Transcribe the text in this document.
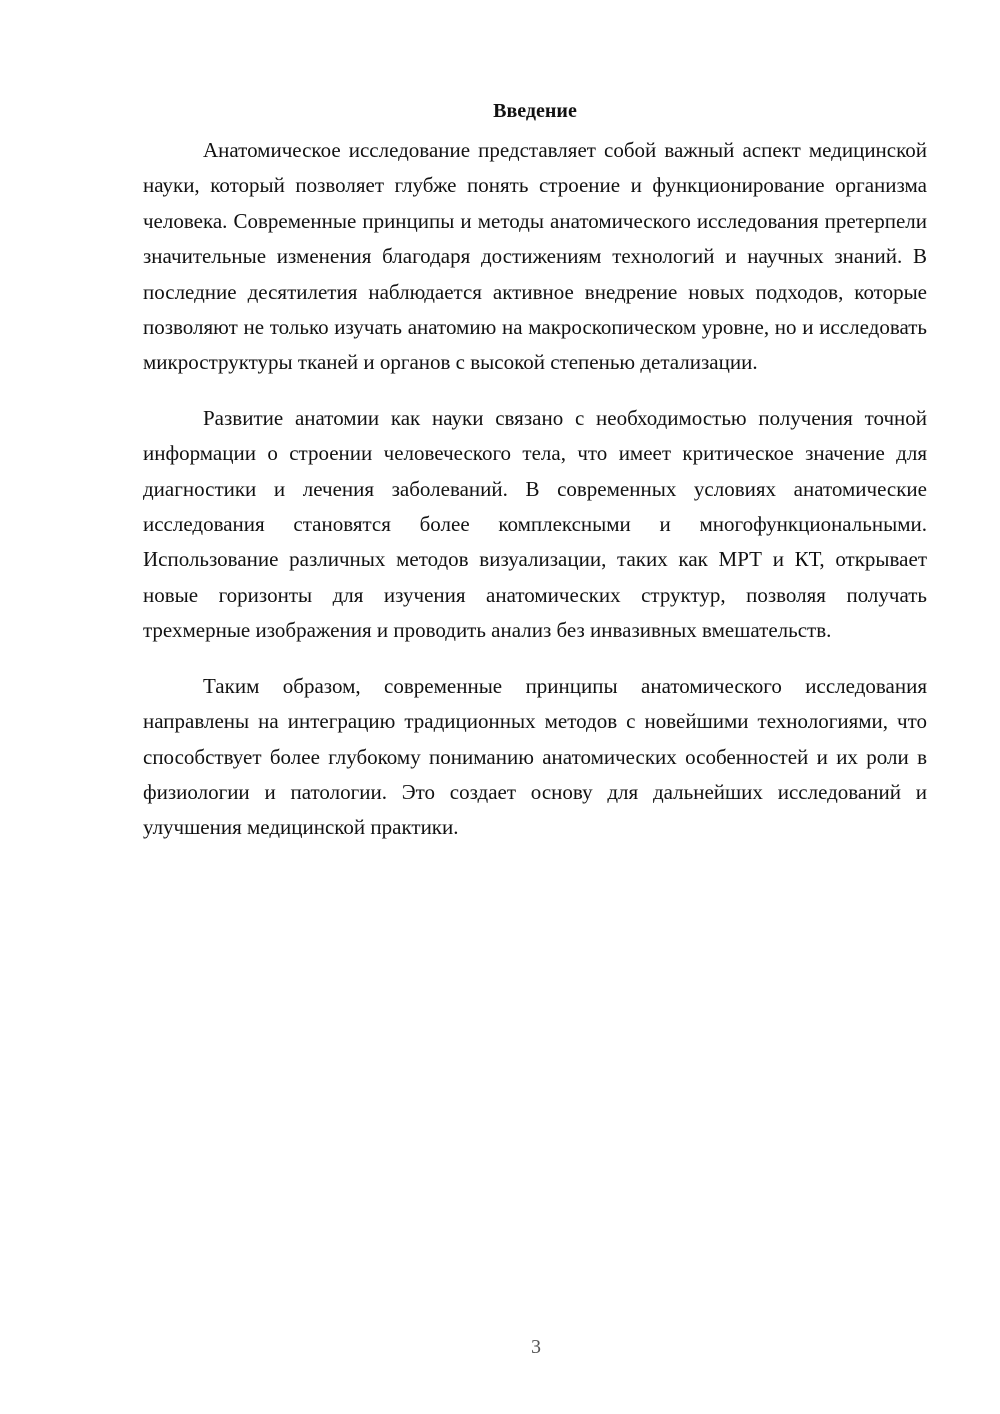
Введение

Анатомическое исследование представляет собой важный аспект медицинской науки, который позволяет глубже понять строение и функционирование организма человека. Современные принципы и методы анатомического исследования претерпели значительные изменения благодаря достижениям технологий и научных знаний. В последние десятилетия наблюдается активное внедрение новых подходов, которые позволяют не только изучать анатомию на макроскопическом уровне, но и исследовать микроструктуры тканей и органов с высокой степенью детализации.

Развитие анатомии как науки связано с необходимостью получения точной информации о строении человеческого тела, что имеет критическое значение для диагностики и лечения заболеваний. В современных условиях анатомические исследования становятся более комплексными и многофункциональными. Использование различных методов визуализации, таких как МРТ и КТ, открывает новые горизонты для изучения анатомических структур, позволяя получать трехмерные изображения и проводить анализ без инвазивных вмешательств.

Таким образом, современные принципы анатомического исследования направлены на интеграцию традиционных методов с новейшими технологиями, что способствует более глубокому пониманию анатомических особенностей и их роли в физиологии и патологии. Это создает основу для дальнейших исследований и улучшения медицинской практики.

3
